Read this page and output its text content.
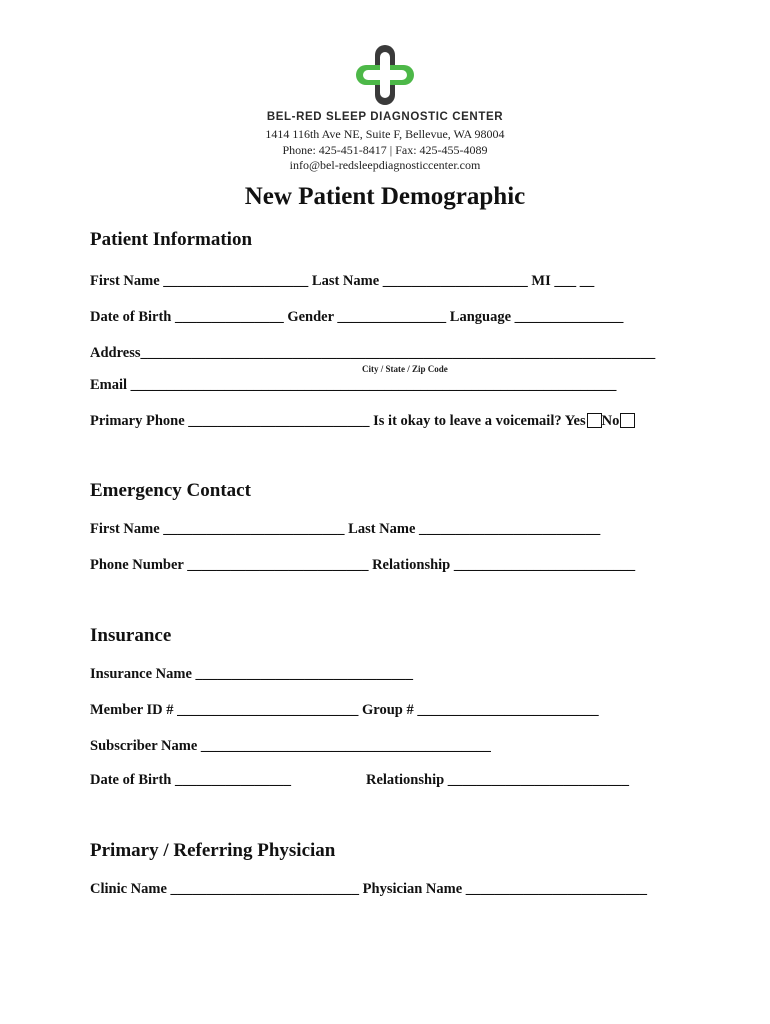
BEL-RED SLEEP DIAGNOSTIC CENTER
1414 116th Ave NE, Suite F, Bellevue, WA 98004
Phone: 425-451-8417 | Fax: 425-455-4089
info@bel-redsleepdiagnosticcenter.com
New Patient Demographic
Patient Information
First Name ____________________ Last Name ____________________ MI ___ __
Date of Birth _______________ Gender _______________ Language _______________
Address_______________________________________________________________________
City / State / Zip Code
Email ___________________________________________________________________
Primary Phone _________________________ Is it okay to leave a voicemail? Yes No
Emergency Contact
First Name _________________________ Last Name _________________________
Phone Number _________________________ Relationship _________________________
Insurance
Insurance Name ______________________________
Member ID # _________________________ Group # _________________________
Subscriber Name ________________________________________
Date of Birth ________________	Relationship _________________________
Primary / Referring Physician
Clinic Name __________________________ Physician Name _________________________
